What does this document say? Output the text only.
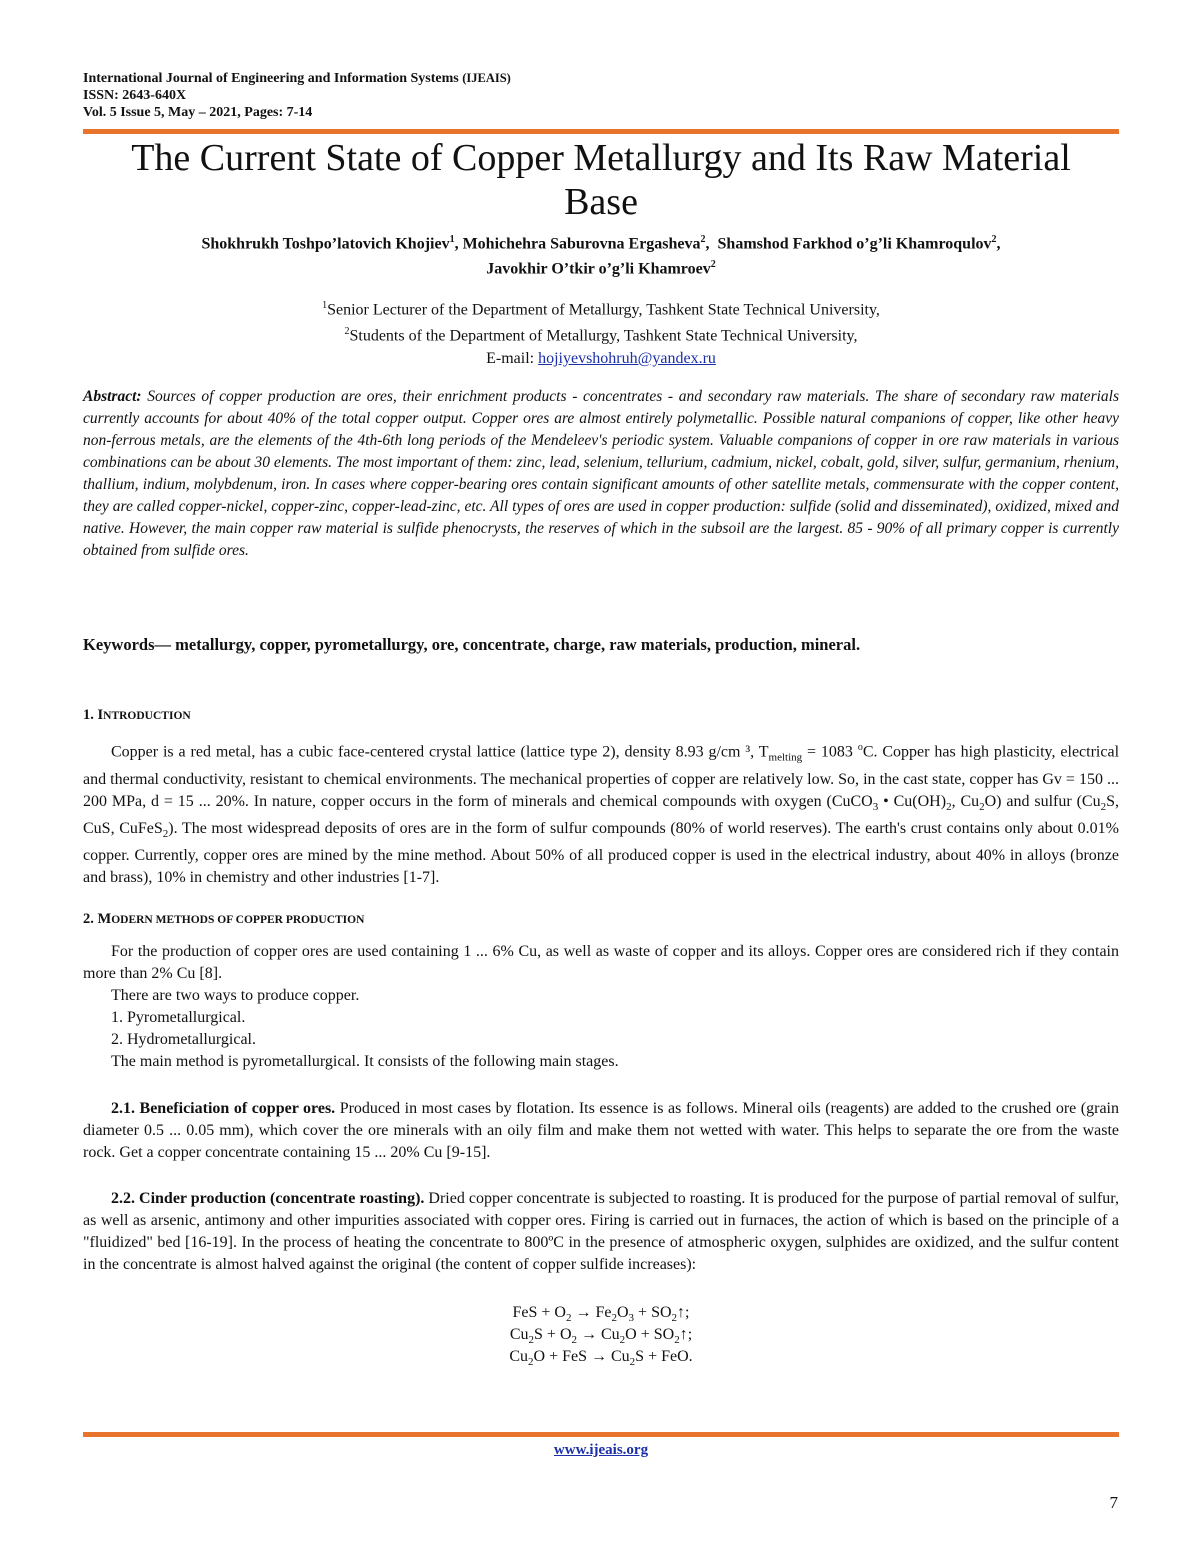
International Journal of Engineering and Information Systems (IJEAIS)
ISSN: 2643-640X
Vol. 5 Issue 5, May – 2021, Pages: 7-14
The Current State of Copper Metallurgy and Its Raw Material
Base
Shokhrukh Toshpo’latovich Khojiev$^1$, Mohichehra Saburovna Ergasheva$^2$,  Shamshod Farkhod o’g’li Khamroqulov$^2$,
Javokhir O’tkir o’g’li Khamroev$^2$
$^1$Senior Lecturer of the Department of Metallurgy, Tashkent State Technical University,
$^2$Students of the Department of Metallurgy, Tashkent State Technical University,
E-mail: hojiyevshohruh@yandex.ru
Abstract: Sources of copper production are ores, their enrichment products - concentrates - and secondary raw materials. The share of secondary raw materials currently accounts for about 40% of the total copper output. Copper ores are almost entirely polymetallic. Possible natural companions of copper, like other heavy non-ferrous metals, are the elements of the 4th-6th long periods of the Mendeleev's periodic system. Valuable companions of copper in ore raw materials in various combinations can be about 30 elements. The most important of them: zinc, lead, selenium, tellurium, cadmium, nickel, cobalt, gold, silver, sulfur, germanium, rhenium, thallium, indium, molybdenum, iron. In cases where copper-bearing ores contain significant amounts of other satellite metals, commensurate with the copper content, they are called copper-nickel, copper-zinc, copper-lead-zinc, etc. All types of ores are used in copper production: sulfide (solid and disseminated), oxidized, mixed and native. However, the main copper raw material is sulfide phenocrysts, the reserves of which in the subsoil are the largest. 85 - 90% of all primary copper is currently obtained from sulfide ores.
Keywords— metallurgy, copper, pyrometallurgy, ore, concentrate, charge, raw materials, production, mineral.
1. INTRODUCTION
Copper is a red metal, has a cubic face-centered crystal lattice (lattice type 2), density 8.93 g/cm ³, $T_{melting} = 1083$ $^o$C. Copper has high plasticity, electrical and thermal conductivity, resistant to chemical environments. The mechanical properties of copper are relatively low. So, in the cast state, copper has Gv = 150 ... 200 MPa, d = 15 ... 20%. In nature, copper occurs in the form of minerals and chemical compounds with oxygen (CuCO$_3$ • $Cu(OH)_2$, $Cu_2O$) and sulfur ($Cu_2S$, CuS, CuFeS$_2$). The most widespread deposits of ores are in the form of sulfur compounds (80% of world reserves). The earth's crust contains only about 0.01% copper. Currently, copper ores are mined by the mine method. About 50% of all produced copper is used in the electrical industry, about 40% in alloys (bronze and brass), 10% in chemistry and other industries [1-7].
2. MODERN METHODS OF COPPER PRODUCTION
For the production of copper ores are used containing 1 ... 6% Cu, as well as waste of copper and its alloys. Copper ores are considered rich if they contain more than 2% Cu [8].
There are two ways to produce copper.
1. Pyrometallurgical.
2. Hydrometallurgical.
The main method is pyrometallurgical. It consists of the following main stages.
2.1. Beneficiation of copper ores. Produced in most cases by flotation. Its essence is as follows. Mineral oils (reagents) are added to the crushed ore (grain diameter 0.5 ... 0.05 mm), which cover the ore minerals with an oily film and make them not wetted with water. This helps to separate the ore from the waste rock. Get a copper concentrate containing 15 ... 20% Cu [9-15].
2.2. Cinder production (concentrate roasting). Dried copper concentrate is subjected to roasting. It is produced for the purpose of partial removal of sulfur, as well as arsenic, antimony and other impurities associated with copper ores. Firing is carried out in furnaces, the action of which is based on the principle of a "fluidized" bed [16-19]. In the process of heating the concentrate to 800ºC in the presence of atmospheric oxygen, sulphides are oxidized, and the sulfur content in the concentrate is almost halved against the original (the content of copper sulfide increases):
FeS + $O_2 \to Fe_2O_3$ + $SO_2↑$;
$Cu_2S + O_2 \to Cu_2O$ + $SO_2↑$;
$Cu_2O$ + FeS → $Cu_2S$ + FeO.
www.ijeais.org
7
